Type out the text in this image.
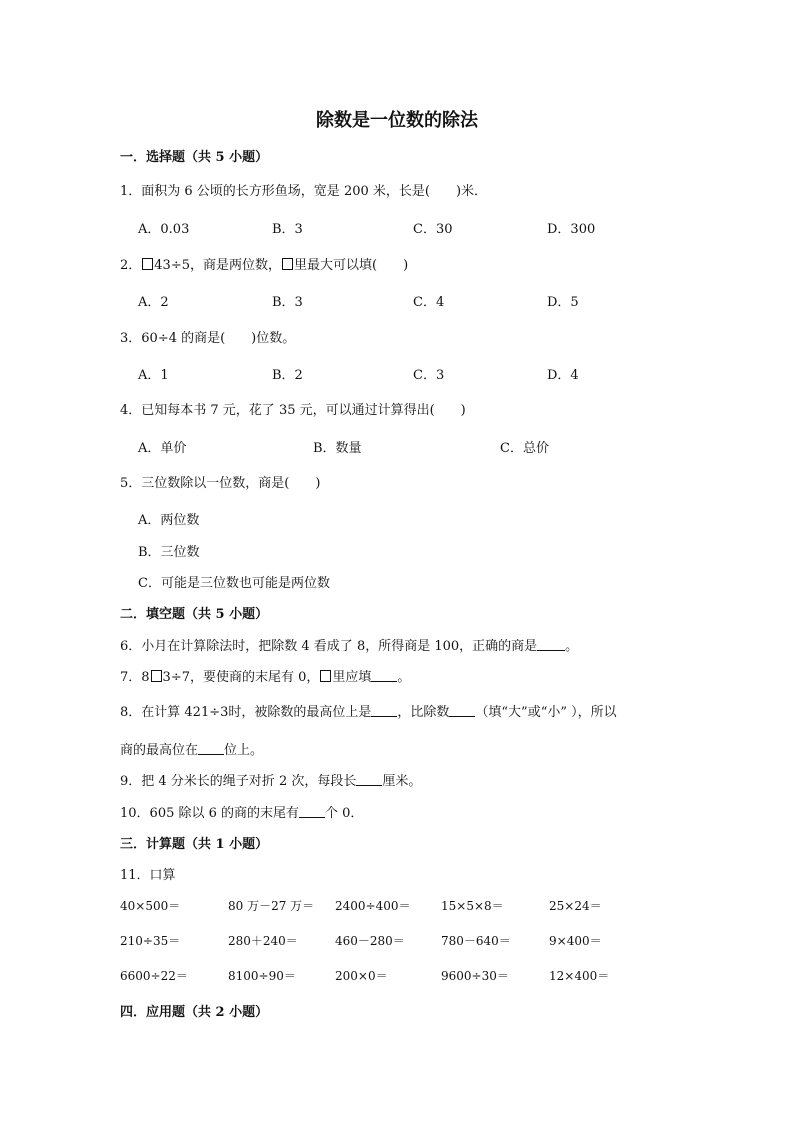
除数是一位数的除法
一．选择题（共 5 小题）
1．面积为 6 公顷的长方形鱼场，宽是 200 米，长是(　　)米．
A．0.03	B．3	C．30	D．300
2． 43÷5，商是两位数， 里最大可以填(　　)
A．2	B．3	C．4	D．5
3．60÷4 的商是(　　)位数。
A．1	B．2	C．3	D．4
4．已知每本书 7 元，花了 35 元，可以通过计算得出(　　)
A．单价	B．数量	C．总价
5．三位数除以一位数，商是(　　)
A．两位数
B．三位数
C．可能是三位数也可能是两位数
二．填空题（共 5 小题）
6．小月在计算除法时，把除数 4 看成了 8，所得商是 100，正确的商是 。
7．8 3÷7，要使商的末尾有 0， 里应填 。
8．在计算 421÷3时，被除数的最高位上是 ，比除数 （填“大”或“小” ），所以
商的最高位在 位上。
9．把 4 分米长的绳子对折 2 次，每段长 厘米。
10．605 除以 6 的商的末尾有 个 0．
三．计算题（共 1 小题）
11．口算
40×500＝	80 万－27 万＝ 2400÷400＝	15×5×8＝	25×24＝
210÷35＝	280＋240＝	460－280＝	780－640＝	9×400＝
6600÷22＝	8100÷90＝	200×0＝	9600÷30＝	12×400＝
四．应用题（共 2 小题）
